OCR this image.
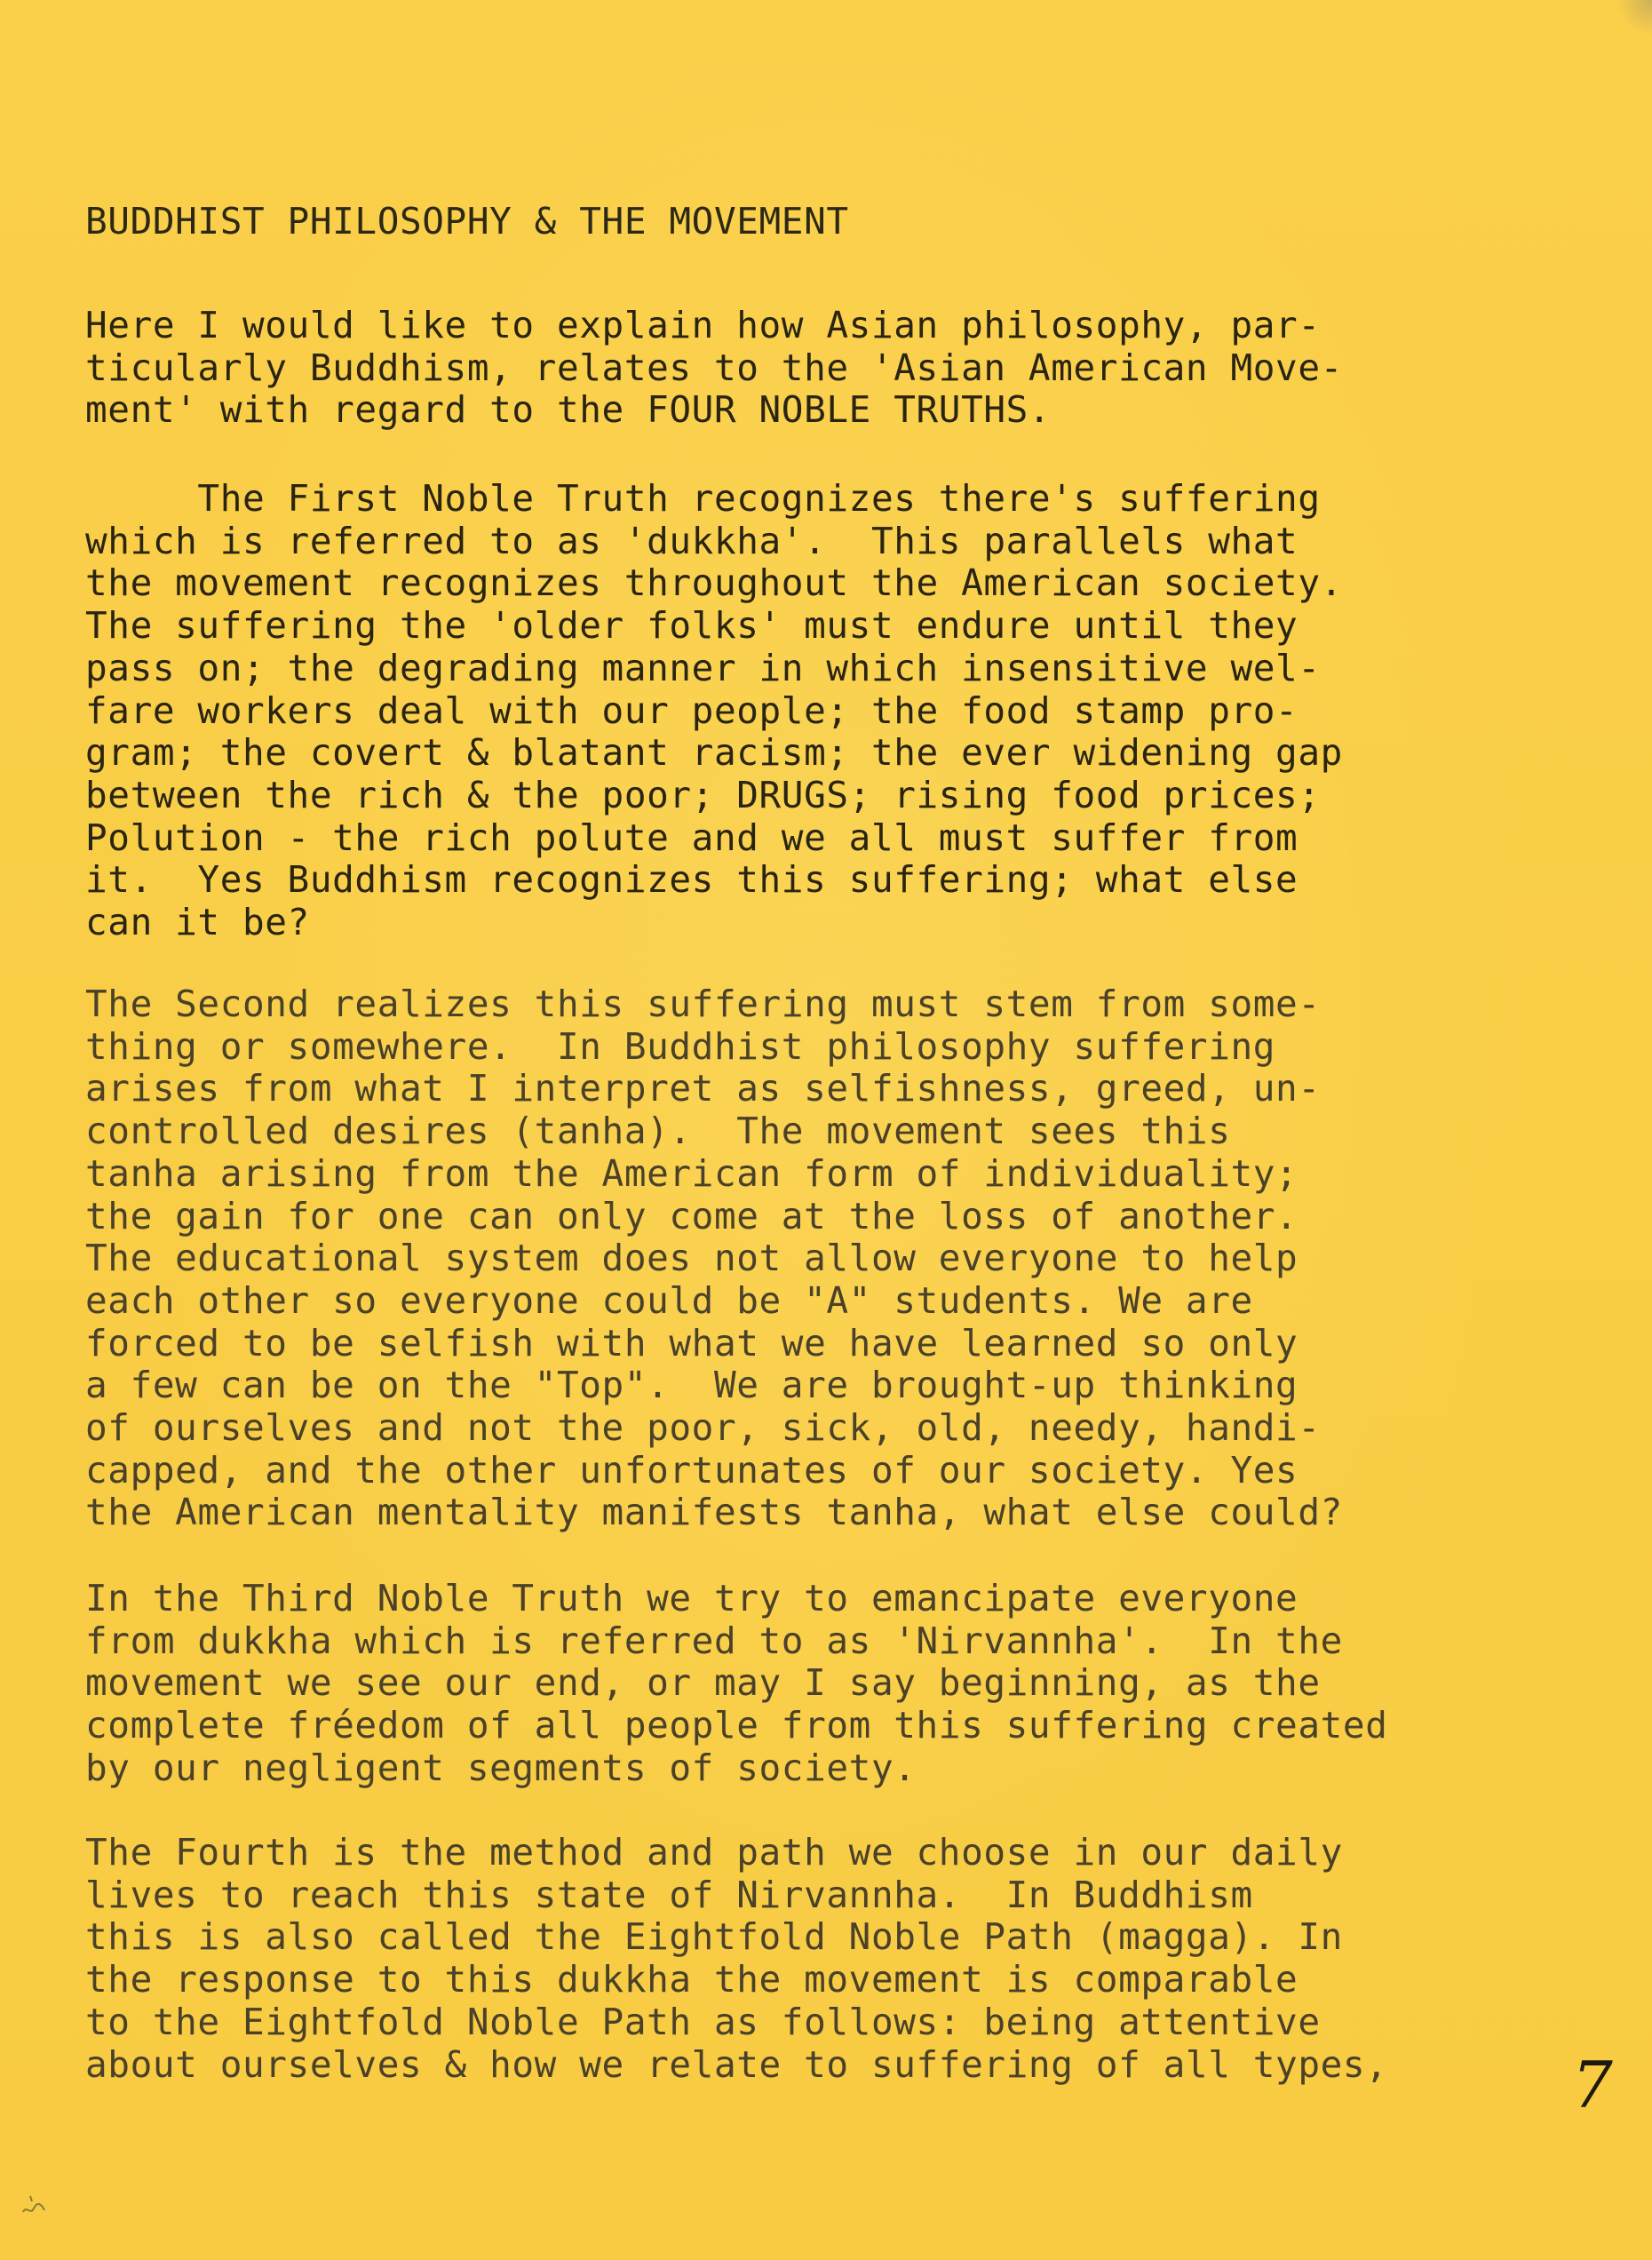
BUDDHIST PHILOSOPHY & THE MOVEMENT

Here I would like to explain how Asian philosophy, par-
ticularly Buddhism, relates to the 'Asian American Move-
ment' with regard to the FOUR NOBLE TRUTHS.

The First Noble Truth recognizes there's suffering
which is referred to as 'dukkha'.  This parallels what
the movement recognizes throughout the American society.
The suffering the 'older folks' must endure until they
pass on; the degrading manner in which insensitive wel-
fare workers deal with our people; the food stamp pro-
gram; the covert & blatant racism; the ever widening gap
between the rich & the poor; DRUGS; rising food prices;
Polution - the rich polute and we all must suffer from
it.  Yes Buddhism recognizes this suffering; what else
can it be?

The Second realizes this suffering must stem from some-
thing or somewhere.  In Buddhist philosophy suffering
arises from what I interpret as selfishness, greed, un-
controlled desires (tanha).  The movement sees this
tanha arising from the American form of individuality;
the gain for one can only come at the loss of another.
The educational system does not allow everyone to help
each other so everyone could be "A" students. We are
forced to be selfish with what we have learned so only
a few can be on the "Top".  We are brought-up thinking
of ourselves and not the poor, sick, old, needy, handi-
capped, and the other unfortunates of our society. Yes
the American mentality manifests tanha, what else could?

In the Third Noble Truth we try to emancipate everyone
from dukkha which is referred to as 'Nirvannha'.  In the
movement we see our end, or may I say beginning, as the
complete fréedom of all people from this suffering created
by our negligent segments of society.

The Fourth is the method and path we choose in our daily
lives to reach this state of Nirvannha.  In Buddhism
this is also called the Eightfold Noble Path (magga). In
the response to this dukkha the movement is comparable
to the Eightfold Noble Path as follows: being attentive
about ourselves & how we relate to suffering of all types,	7
